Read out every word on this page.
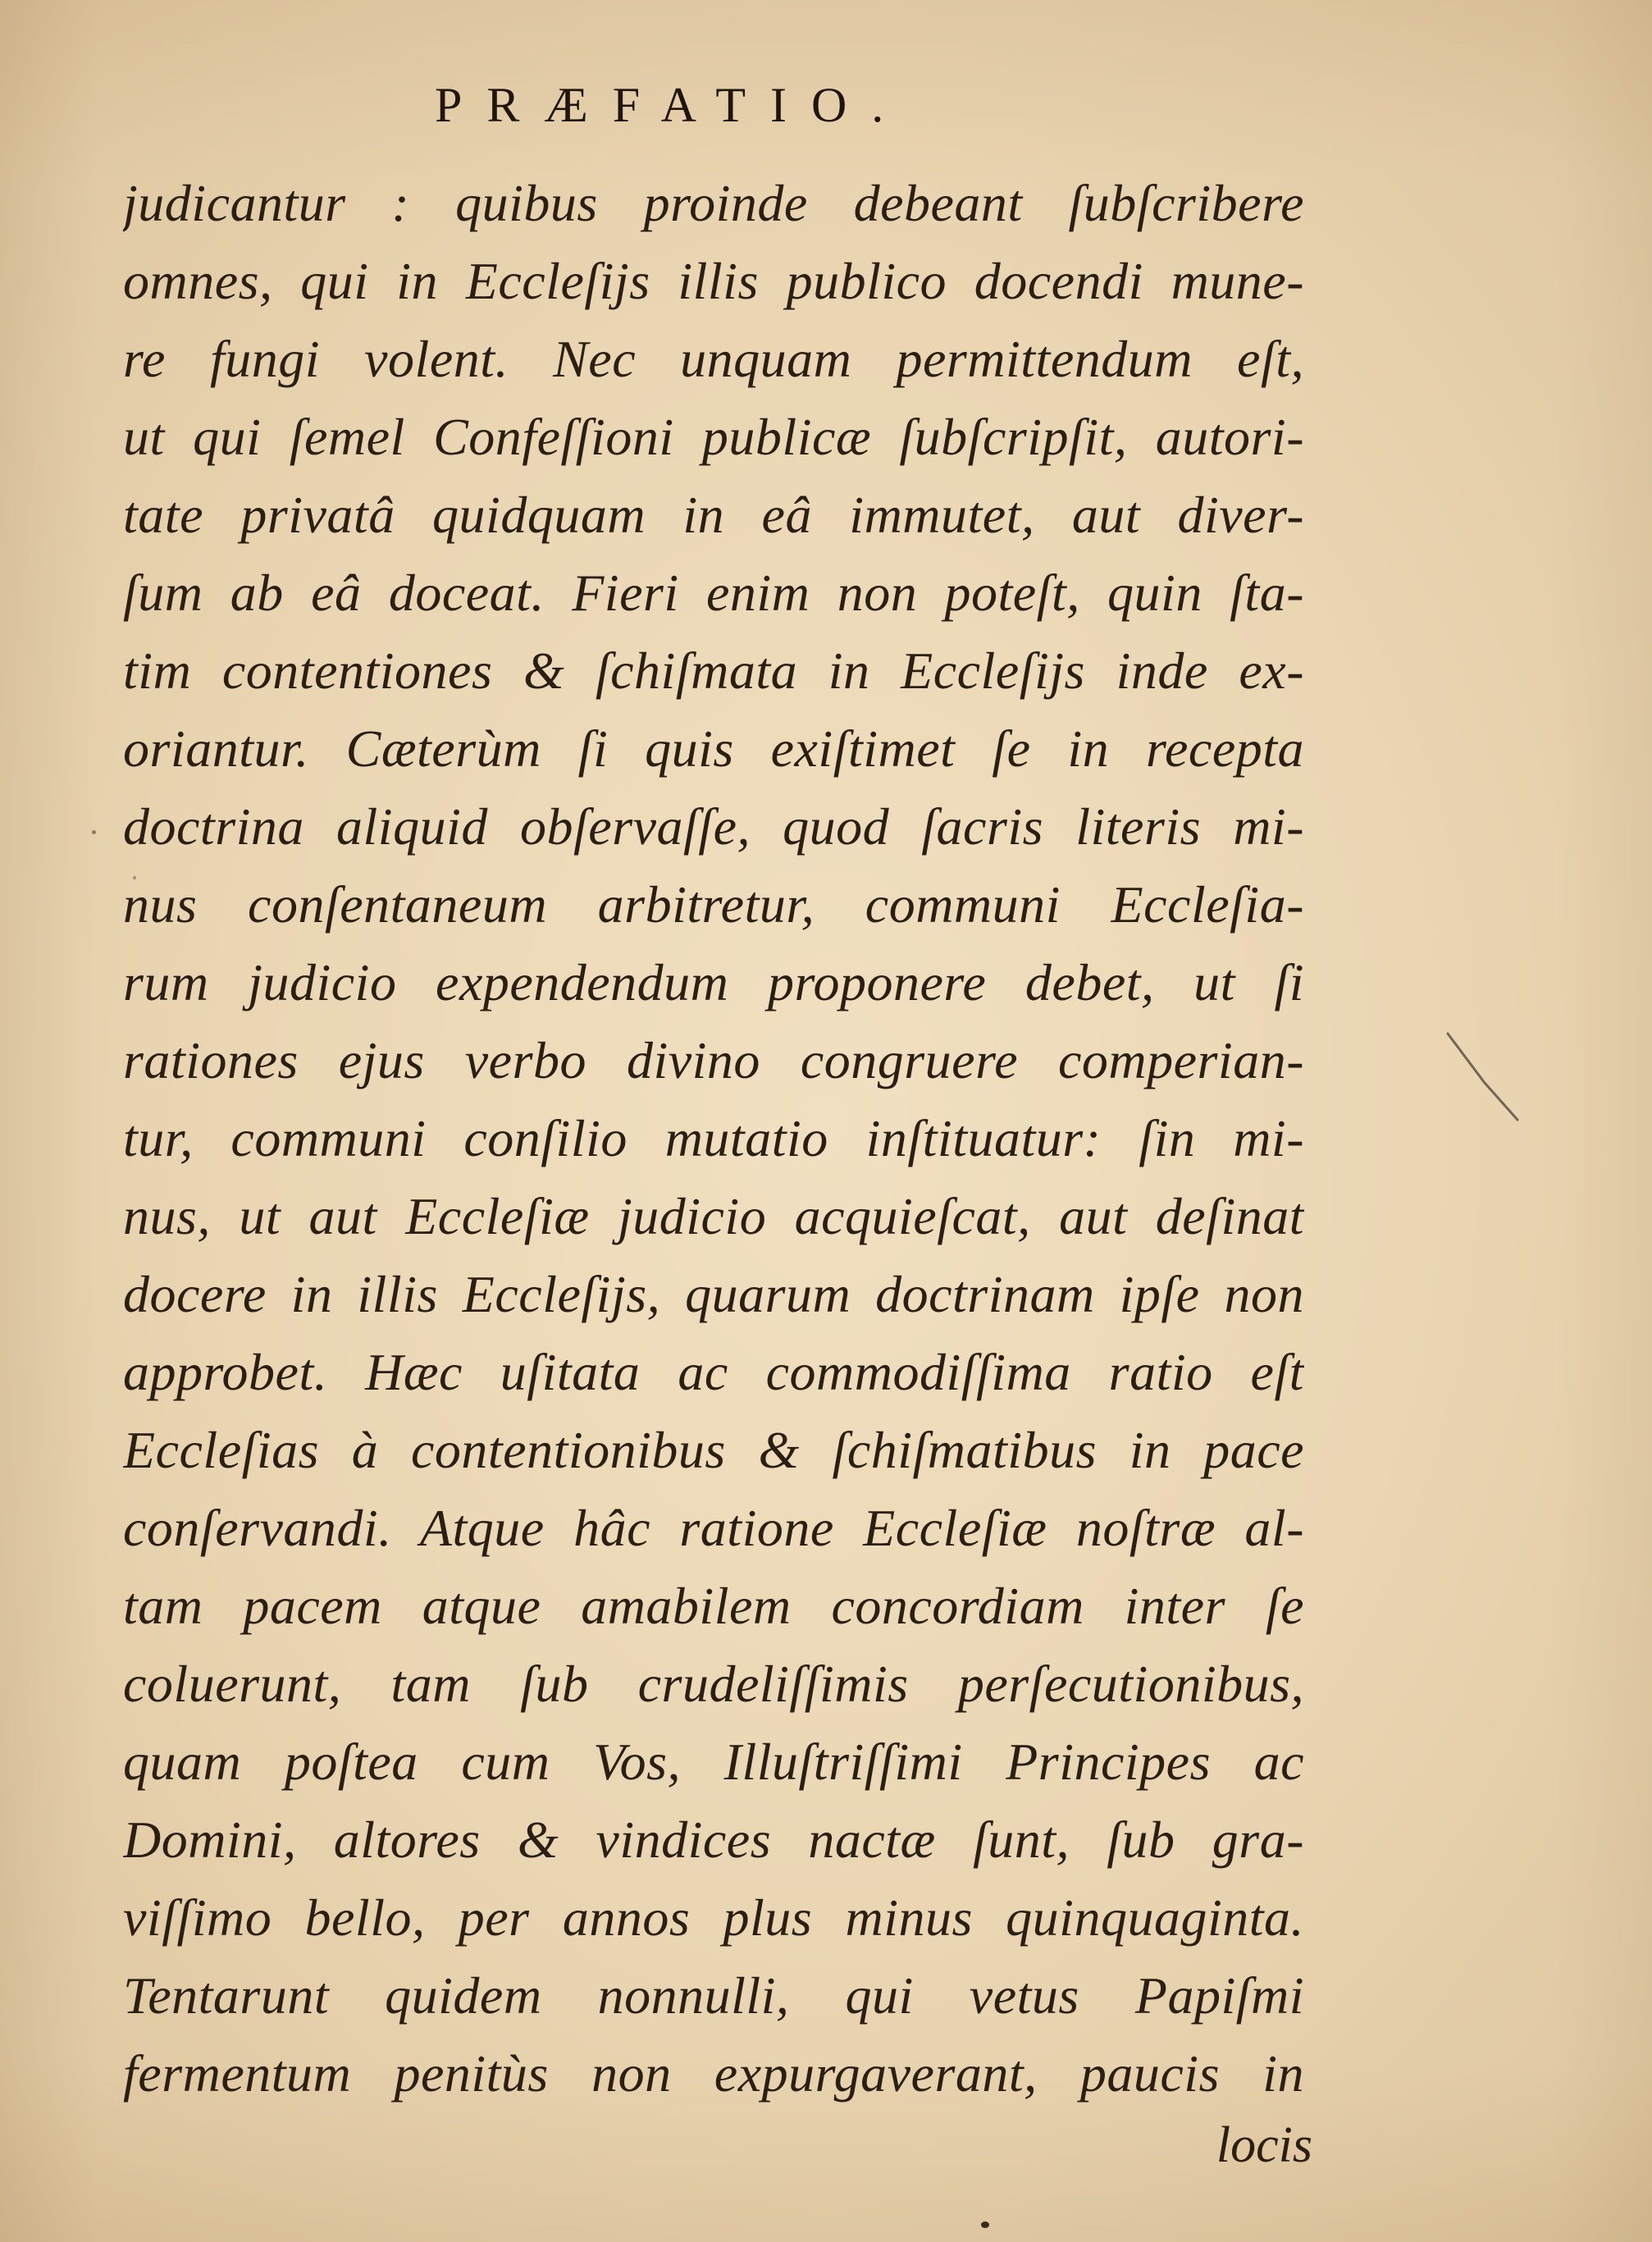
PRÆFATIO.
judicantur : quibus proinde debeant ſubſcribere
omnes, qui in Eccleſijs illis publico docendi mune-
re fungi volent. Nec unquam permittendum eſt,
ut qui ſemel Confeſſioni publicæ ſubſcripſit, autori-
tate privatâ quidquam in eâ immutet, aut diver-
ſum ab eâ doceat. Fieri enim non poteſt, quin ſta-
tim contentiones & ſchiſmata in Eccleſijs inde ex-
oriantur. Cæterùm ſi quis exiſtimet ſe in recepta
doctrina aliquid obſervaſſe, quod ſacris literis mi-
nus conſentaneum arbitretur, communi Eccleſia-
rum judicio expendendum proponere debet, ut ſi
rationes ejus verbo divino congruere comperian-
tur, communi conſilio mutatio inſtituatur: ſin mi-
nus, ut aut Eccleſiæ judicio acquieſcat, aut deſinat
docere in illis Eccleſijs, quarum doctrinam ipſe non
approbet. Hæc uſitata ac commodiſſima ratio eſt
Eccleſias à contentionibus & ſchiſmatibus in pace
conſervandi. Atque hâc ratione Eccleſiæ noſtræ al-
tam pacem atque amabilem concordiam inter ſe
coluerunt, tam ſub crudeliſſimis perſecutionibus,
quam poſtea cum Vos, Illuſtriſſimi Principes ac
Domini, altores & vindices nactæ ſunt, ſub gra-
viſſimo bello, per annos plus minus quinquaginta.
Tentarunt quidem nonnulli, qui vetus Papiſmi
fermentum penitùs non expurgaverant, paucis in
locis
